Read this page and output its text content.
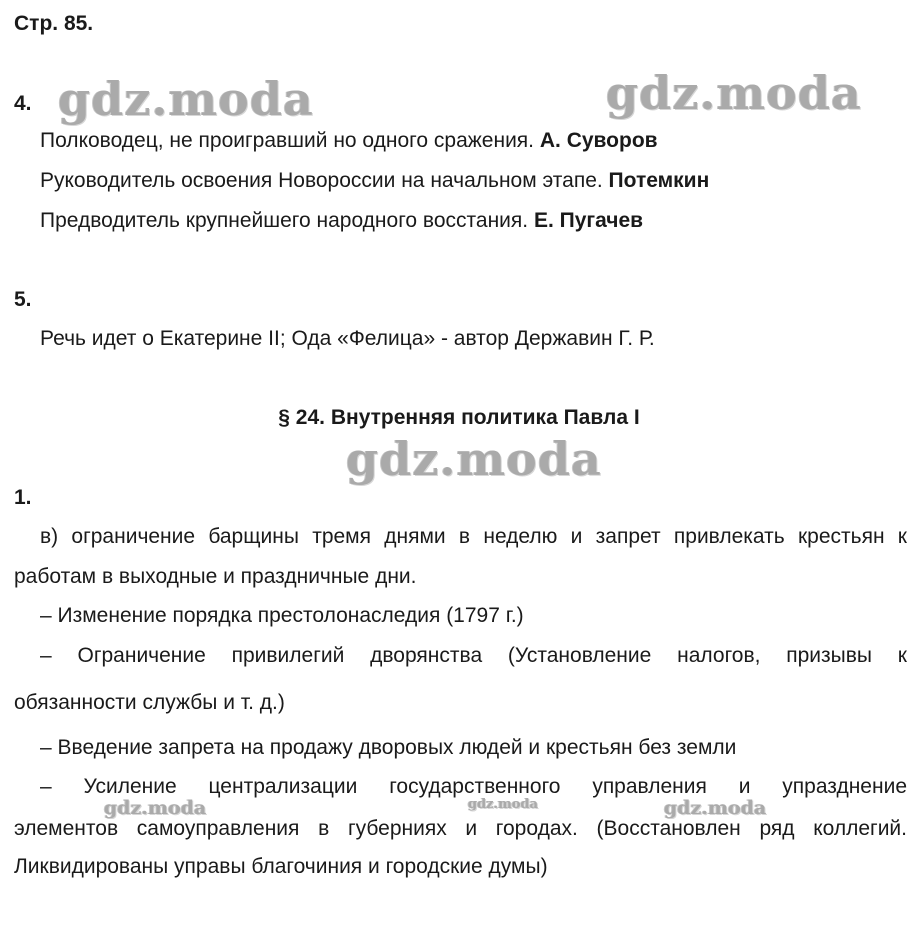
Стр. 85.
4.
Полководец, не проигравший но одного сражения. А. Суворов
Руководитель освоения Новороссии на начальном этапе. Потемкин
Предводитель крупнейшего народного восстания. Е. Пугачев
5.
Речь идет о Екатерине II; Ода «Фелица» - автор Державин Г. Р.
§ 24. Внутренняя политика Павла I
1.
в) ограничение барщины тремя днями в неделю и запрет привлекать крестьян к
работам в выходные и праздничные дни.
– Изменение порядка престолонаследия (1797 г.)
– Ограничение привилегий дворянства (Установление налогов, призывы к
обязанности службы и т. д.)
– Введение запрета на продажу дворовых людей и крестьян без земли
– Усиление централизации государственного управления и упразднение
элементов самоуправления в губерниях и городах. (Восстановлен ряд коллегий.
Ликвидированы управы благочиния и городские думы)
gdz.moda	gdz.moda
gdz.moda
gdz.moda	gdz.moda	gdz.moda
